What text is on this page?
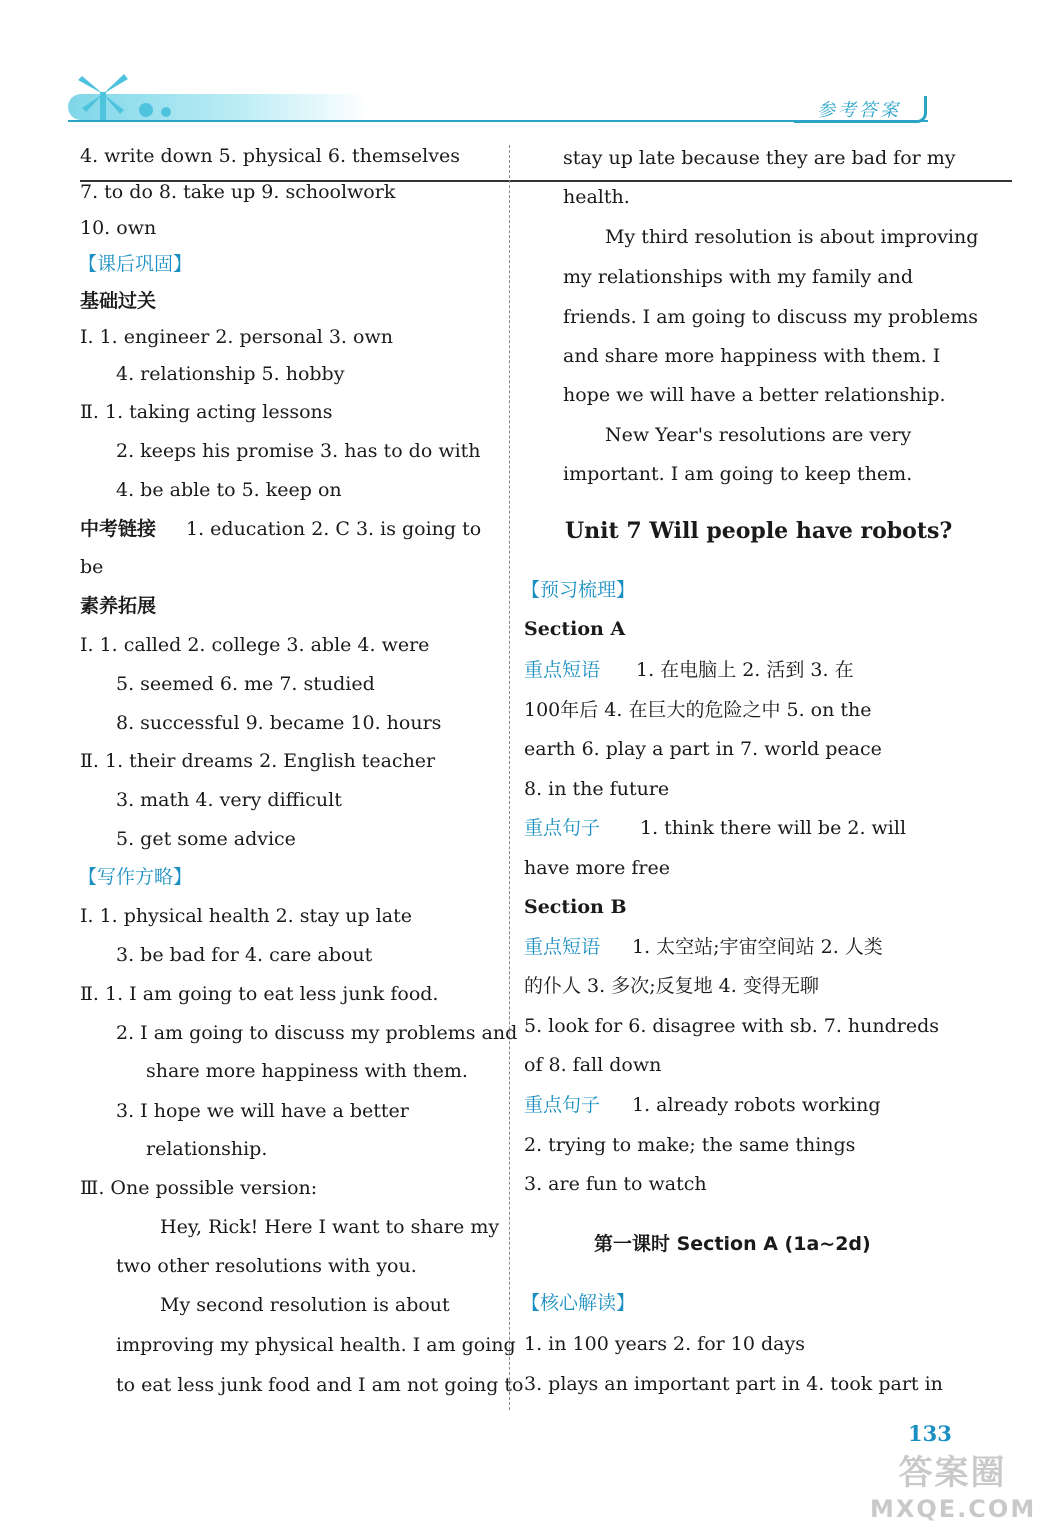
参考答案
4. write down 5. physical 6. themselves
7. to do 8. take up 9. schoolwork
10. own
【课后巩固】
基础过关
Ⅰ. 1. engineer 2. personal 3. own
4. relationship 5. hobby
Ⅱ. 1. taking acting lessons
2. keeps his promise 3. has to do with
4. be able to 5. keep on
中考链接 1. education 2. C 3. is going to
be
素养拓展
Ⅰ. 1. called 2. college 3. able 4. were
5. seemed 6. me 7. studied
8. successful 9. became 10. hours
Ⅱ. 1. their dreams 2. English teacher
3. math 4. very difficult
5. get some advice
【写作方略】
Ⅰ. 1. physical health 2. stay up late
3. be bad for 4. care about
Ⅱ. 1. I am going to eat less junk food.
2. I am going to discuss my problems and
share more happiness with them.
3. I hope we will have a better
relationship.
Ⅲ. One possible version:
Hey, Rick! Here I want to share my
two other resolutions with you.
My second resolution is about
improving my physical health. I am going
to eat less junk food and I am not going to
stay up late because they are bad for my
health.
My third resolution is about improving
my relationships with my family and
friends. I am going to discuss my problems
and share more happiness with them. I
hope we will have a better relationship.
New Year's resolutions are very
important. I am going to keep them.
Unit 7 Will people have robots?
【预习梳理】
Section A
重点短语 1. 在电脑上 2. 活到 3. 在
100年后 4. 在巨大的危险之中 5. on the
earth 6. play a part in 7. world peace
8. in the future
重点句子 1. think there will be 2. will
have more free
Section B
重点短语 1. 太空站;宇宙空间站 2. 人类
的仆人 3. 多次;反复地 4. 变得无聊
5. look for 6. disagree with sb. 7. hundreds
of 8. fall down
重点句子 1. already robots working
2. trying to make; the same things
3. are fun to watch
第一课时 Section A (1a~2d)
【核心解读】
1. in 100 years 2. for 10 days
3. plays an important part in 4. took part in
133
答案圈
MXQE.COM
